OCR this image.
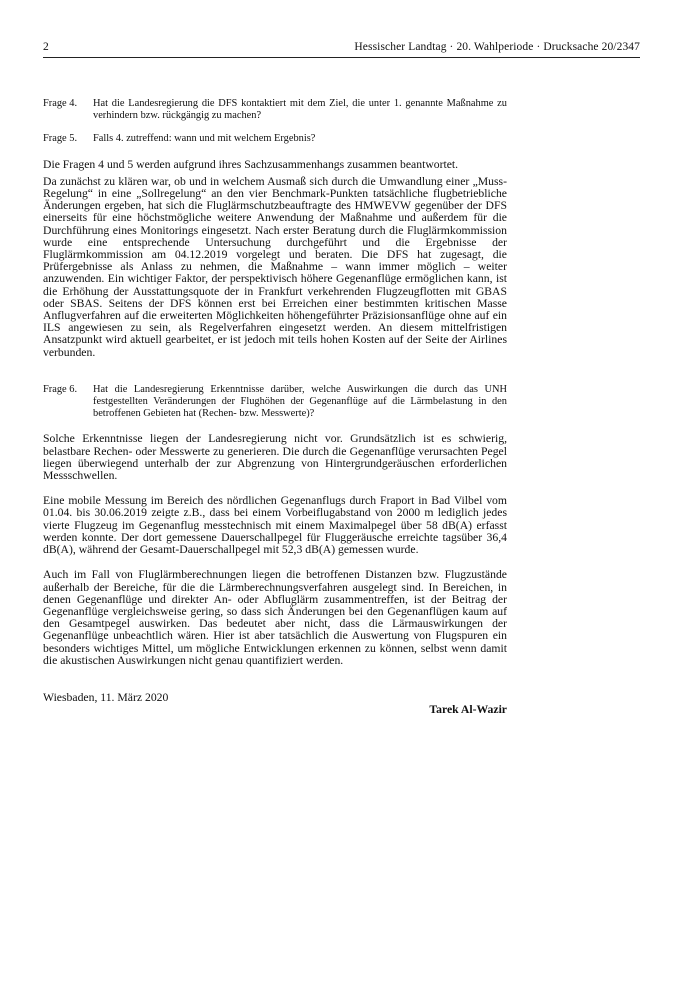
2	Hessischer Landtag · 20. Wahlperiode · Drucksache 20/2347
Frage 4. Hat die Landesregierung die DFS kontaktiert mit dem Ziel, die unter 1. genannte Maßnahme zu verhindern bzw. rückgängig zu machen?
Frage 5. Falls 4. zutreffend: wann und mit welchem Ergebnis?

Die Fragen 4 und 5 werden aufgrund ihres Sachzusammenhangs zusammen beantwortet.

Da zunächst zu klären war, ob und in welchem Ausmaß sich durch die Umwandlung einer „Muss-Regelung“ in eine „Sollregelung“ an den vier Benchmark-Punkten tatsächliche flugbetriebliche Änderungen ergeben, hat sich die Fluglärmschutzbeauftragte des HMWEVW gegenüber der DFS einerseits für eine höchstmögliche weitere Anwendung der Maßnahme und außerdem für die Durchführung eines Monitorings eingesetzt. Nach erster Beratung durch die Fluglärmkommission wurde eine entsprechende Untersuchung durchgeführt und die Ergebnisse der Fluglärmkommission am 04.12.2019 vorgelegt und beraten. Die DFS hat zugesagt, die Prüfergebnisse als Anlass zu nehmen, die Maßnahme – wann immer möglich – weiter anzuwenden. Ein wichtiger Faktor, der perspektivisch höhere Gegenanflüge ermöglichen kann, ist die Erhöhung der Ausstattungsquote der in Frankfurt verkehrenden Flugzeugflotten mit GBAS oder SBAS. Seitens der DFS können erst bei Erreichen einer bestimmten kritischen Masse Anflugverfahren auf die erweiterten Möglichkeiten höhengeführter Präzisionsanflüge ohne auf ein ILS angewiesen zu sein, als Regelverfahren eingesetzt werden. An diesem mittelfristigen Ansatzpunkt wird aktuell gearbeitet, er ist jedoch mit teils hohen Kosten auf der Seite der Airlines verbunden.

Frage 6. Hat die Landesregierung Erkenntnisse darüber, welche Auswirkungen die durch das UNH festgestellten Veränderungen der Flughöhen der Gegenanflüge auf die Lärmbelastung in den betroffenen Gebieten hat (Rechen- bzw. Messwerte)?

Solche Erkenntnisse liegen der Landesregierung nicht vor. Grundsätzlich ist es schwierig, belastbare Rechen- oder Messwerte zu generieren. Die durch die Gegenanflüge verursachten Pegel liegen überwiegend unterhalb der zur Abgrenzung von Hintergrundgeräuschen erforderlichen Messschwellen.

Eine mobile Messung im Bereich des nördlichen Gegenanflugs durch Fraport in Bad Vilbel vom 01.04. bis 30.06.2019 zeigte z.B., dass bei einem Vorbeiflugabstand von 2000 m lediglich jedes vierte Flugzeug im Gegenanflug messtechnisch mit einem Maximalpegel über 58 dB(A) erfasst werden konnte. Der dort gemessene Dauerschallpegel für Fluggeräusche erreichte tagsüber 36,4 dB(A), während der Gesamt-Dauerschallpegel mit 52,3 dB(A) gemessen wurde.

Auch im Fall von Fluglärmberechnungen liegen die betroffenen Distanzen bzw. Flugzustände außerhalb der Bereiche, für die die Lärmberechnungsverfahren ausgelegt sind. In Bereichen, in denen Gegenanflüge und direkter An- oder Abfluglärm zusammentreffen, ist der Beitrag der Gegenanflüge vergleichsweise gering, so dass sich Änderungen bei den Gegenanflügen kaum auf den Gesamtpegel auswirken. Das bedeutet aber nicht, dass die Lärmauswirkungen der Gegenanflüge unbeachtlich wären. Hier ist aber tatsächlich die Auswertung von Flugspuren ein besonders wichtiges Mittel, um mögliche Entwicklungen erkennen zu können, selbst wenn damit die akustischen Auswirkungen nicht genau quantifiziert werden.

Wiesbaden, 11. März 2020
Tarek Al-Wazir
